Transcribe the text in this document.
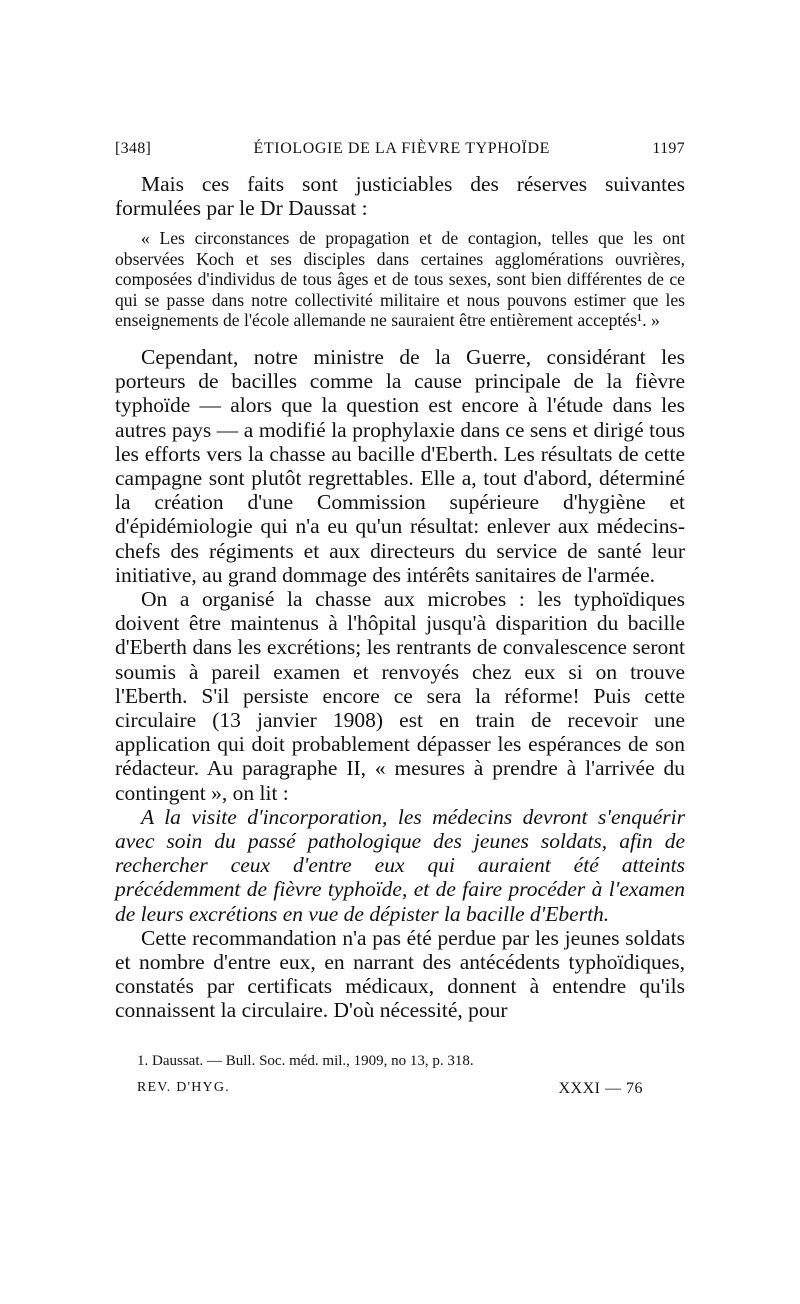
[348]	ÉTIOLOGIE DE LA FIÈVRE TYPHOÏDE	1197

Mais ces faits sont justiciables des réserves suivantes formulées par le Dr Daussat :

« Les circonstances de propagation et de contagion, telles que les ont observées Koch et ses disciples dans certaines agglomérations ouvrières, composées d'individus de tous âges et de tous sexes, sont bien différentes de ce qui se passe dans notre collectivité militaire et nous pouvons estimer que les enseignements de l'école allemande ne sauraient être entièrement acceptés¹. »

Cependant, notre ministre de la Guerre, considérant les porteurs de bacilles comme la cause principale de la fièvre typhoïde — alors que la question est encore à l'étude dans les autres pays — a modifié la prophylaxie dans ce sens et dirigé tous les efforts vers la chasse au bacille d'Eberth. Les résultats de cette campagne sont plutôt regrettables. Elle a, tout d'abord, déterminé la création d'une Commission supérieure d'hygiène et d'épidémiologie qui n'a eu qu'un résultat: enlever aux médecins-chefs des régiments et aux directeurs du service de santé leur initiative, au grand dommage des intérêts sanitaires de l'armée.

On a organisé la chasse aux microbes : les typhoïdiques doivent être maintenus à l'hôpital jusqu'à disparition du bacille d'Eberth dans les excrétions; les rentrants de convalescence seront soumis à pareil examen et renvoyés chez eux si on trouve l'Eberth. S'il persiste encore ce sera la réforme! Puis cette circulaire (13 janvier 1908) est en train de recevoir une application qui doit probablement dépasser les espérances de son rédacteur. Au paragraphe II, « mesures à prendre à l'arrivée du contingent », on lit :

A la visite d'incorporation, les médecins devront s'enquérir avec soin du passé pathologique des jeunes soldats, afin de rechercher ceux d'entre eux qui auraient été atteints précédemment de fièvre typhoïde, et de faire procéder à l'examen de leurs excrétions en vue de dépister la bacille d'Eberth.

Cette recommandation n'a pas été perdue par les jeunes soldats et nombre d'entre eux, en narrant des antécédents typhoïdiques, constatés par certificats médicaux, donnent à entendre qu'ils connaissent la circulaire. D'où nécessité, pour

1. Daussat. — Bull. Soc. méd. mil., 1909, no 13, p. 318.

REV. D'HYG.	XXXI — 76
